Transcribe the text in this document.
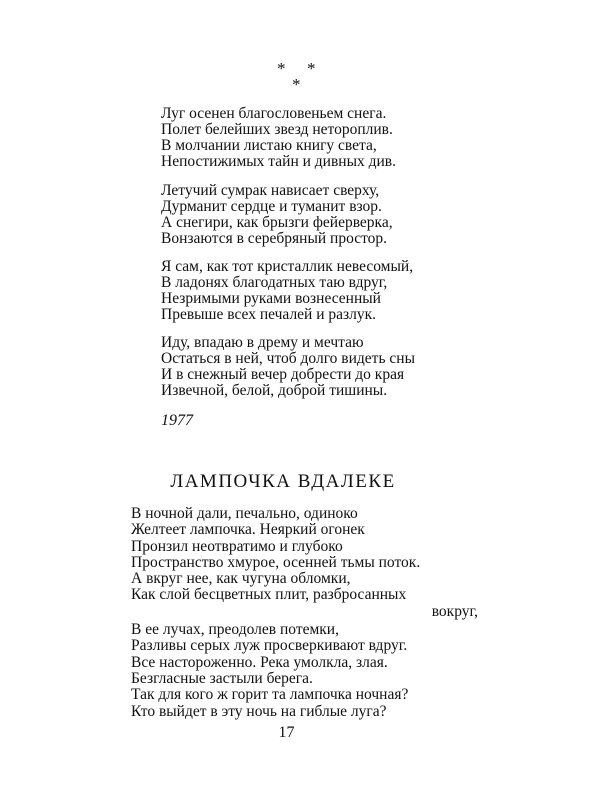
* *
*
Луг осенен благословеньем снега.
Полет белейших звезд нетороплив.
В молчании листаю книгу света,
Непостижимых тайн и дивных див.
Летучий сумрак нависает сверху,
Дурманит сердце и туманит взор.
А снегири, как брызги фейерверка,
Вонзаются в серебряный простор.
Я сам, как тот кристаллик невесомый,
В ладонях благодатных таю вдруг,
Незримыми руками вознесенный
Превыше всех печалей и разлук.
Иду, впадаю в дрему и мечтаю
Остаться в ней, чтоб долго видеть сны
И в снежный вечер добрести до края
Извечной, белой, доброй тишины.
1977
ЛАМПОЧКА ВДАЛЕКЕ
В ночной дали, печально, одиноко
Желтеет лампочка. Неяркий огонек
Пронзил неотвратимо и глубоко
Пространство хмурое, осенней тьмы поток.
А вкруг нее, как чугуна обломки,
Как слой бесцветных плит, разбросанных
вокруг,
В ее лучах, преодолев потемки,
Разливы серых луж просверкивают вдруг.
Все настороженно. Река умолкла, злая.
Безгласные застыли берега.
Так для кого ж горит та лампочка ночная?
Кто выйдет в эту ночь на гиблые луга?
17
